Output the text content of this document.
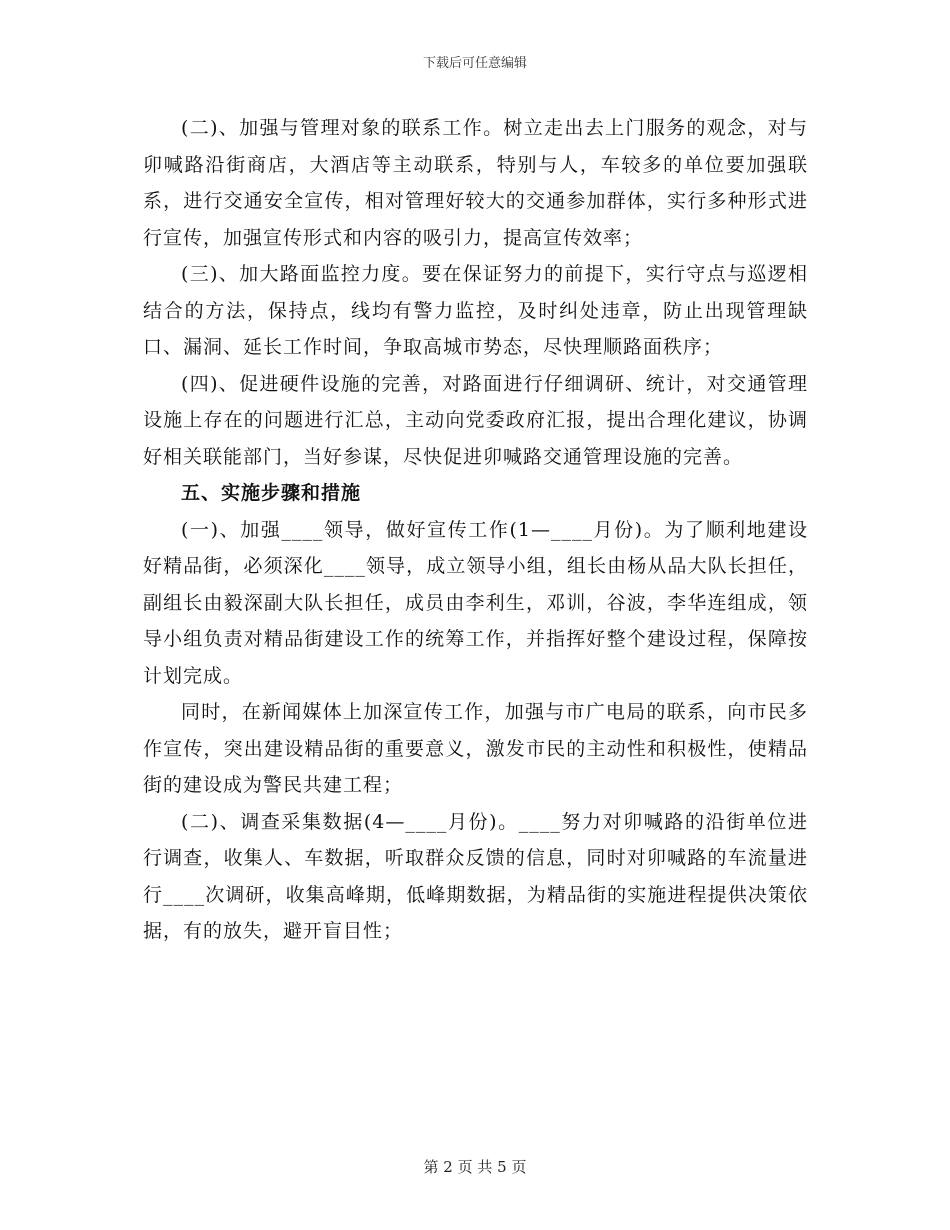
下载后可任意编辑

(二)、加强与管理对象的联系工作。树立走出去上门服务的观念，对与卯喊路沿街商店，大酒店等主动联系，特别与人，车较多的单位要加强联系，进行交通安全宣传，相对管理好较大的交通参加群体，实行多种形式进行宣传，加强宣传形式和内容的吸引力，提高宣传效率；

(三)、加大路面监控力度。要在保证努力的前提下，实行守点与巡逻相结合的方法，保持点，线均有警力监控，及时纠处违章，防止出现管理缺口、漏洞、延长工作时间，争取高城市势态，尽快理顺路面秩序；

(四)、促进硬件设施的完善，对路面进行仔细调研、统计，对交通管理设施上存在的问题进行汇总，主动向党委政府汇报，提出合理化建议，协调好相关联能部门，当好参谋，尽快促进卯喊路交通管理设施的完善。

五、实施步骤和措施

(一)、加强____领导，做好宣传工作(1—____月份)。为了顺利地建设好精品街，必须深化____领导，成立领导小组，组长由杨从品大队长担任，副组长由毅深副大队长担任，成员由李利生，邓训，谷波，李华连组成，领导小组负责对精品街建设工作的统筹工作，并指挥好整个建设过程，保障按计划完成。

同时，在新闻媒体上加深宣传工作，加强与市广电局的联系，向市民多作宣传，突出建设精品街的重要意义，激发市民的主动性和积极性，使精品街的建设成为警民共建工程；

(二)、调查采集数据(4—____月份)。____努力对卯喊路的沿街单位进行调查，收集人、车数据，听取群众反馈的信息，同时对卯喊路的车流量进行____次调研，收集高峰期，低峰期数据，为精品街的实施进程提供决策依据，有的放失，避开盲目性；

第 2 页 共 5 页
